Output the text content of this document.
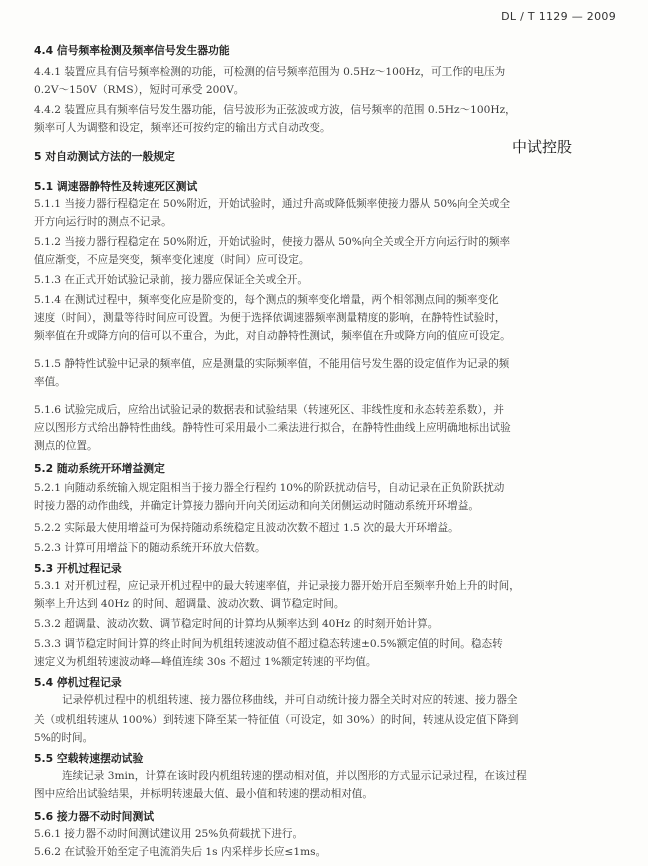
DL / T 1129 — 2009
中试控股
4.4 信号频率检测及频率信号发生器功能
4.4.1 装置应具有信号频率检测的功能，可检测的信号频率范围为 0.5Hz～100Hz，可工作的电压为
0.2V～150V（RMS），短时可承受 200V。
4.4.2 装置应具有频率信号发生器功能，信号波形为正弦波或方波，信号频率的范围 0.5Hz～100Hz，
频率可人为调整和设定，频率还可按约定的输出方式自动改变。
5 对自动测试方法的一般规定
5.1 调速器静特性及转速死区测试
5.1.1 当接力器行程稳定在 50%附近，开始试验时，通过升高或降低频率使接力器从 50%向全关或全
开方向运行时的测点不记录。
5.1.2 当接力器行程稳定在 50%附近，开始试验时，使接力器从 50%向全关或全开方向运行时的频率
值应渐变，不应是突变，频率变化速度（时间）应可设定。
5.1.3 在正式开始试验记录前，接力器应保证全关或全开。
5.1.4 在测试过程中，频率变化应是阶变的，每个测点的频率变化增量，两个相邻测点间的频率变化
速度（时间），测量等待时间应可设置。为便于选择依调速器频率测量精度的影响，在静特性试验时，
频率值在升或降方向的信可以不重合，为此，对自动静特性测试，频率值在升或降方向的值应可设定。
5.1.5 静特性试验中记录的频率值，应是测量的实际频率值，不能用信号发生器的设定值作为记录的频
率值。
5.1.6 试验完成后，应给出试验记录的数据表和试验结果（转速死区、非线性度和永态转差系数），并
应以图形方式给出静特性曲线。静特性可采用最小二乘法进行拟合，在静特性曲线上应明确地标出试验
测点的位置。
5.2 随动系统开环增益测定
5.2.1 向随动系统输入规定阻相当于接力器全行程约 10%的阶跃扰动信号，自动记录在正负阶跃扰动
时接力器的动作曲线，并确定计算接力器向开向关闭运动和向关闭侧运动时随动系统开环增益。
5.2.2 实际最大使用增益可为保持随动系统稳定且波动次数不超过 1.5 次的最大开环增益。
5.2.3 计算可用增益下的随动系统开环放大倍数。
5.3 开机过程记录
5.3.1 对开机过程，应记录开机过程中的最大转速率值，并记录接力器开始开启至频率升始上升的时间，
频率上升达到 40Hz 的时间、超调量、波动次数、调节稳定时间。
5.3.2 超调量、波动次数、调节稳定时间的计算均从频率达到 40Hz 的时刻开始计算。
5.3.3 调节稳定时间计算的终止时间为机组转速波动值不超过稳态转速±0.5%额定值的时间。稳态转
速定义为机组转速波动峰—峰值连续 30s 不超过 1%额定转速的平均值。
5.4 停机过程记录
记录停机过程中的机组转速、接力器位移曲线，并可自动统计接力器全关时对应的转速、接力器全
关（或机组转速从 100%）到转速下降至某一特征值（可设定，如 30%）的时间，转速从设定值下降到
5%的时间。
5.5 空载转速摆动试验
连续记录 3min，计算在该时段内机组转速的摆动相对值，并以图形的方式显示记录过程，在该过程
图中应给出试验结果，并标明转速最大值、最小值和转速的摆动相对值。
5.6 接力器不动时间测试
5.6.1 接力器不动时间测试建议用 25%负荷载扰下进行。
5.6.2 在试验开始至定子电流消失后 1s 内采样步长应≤1ms。
